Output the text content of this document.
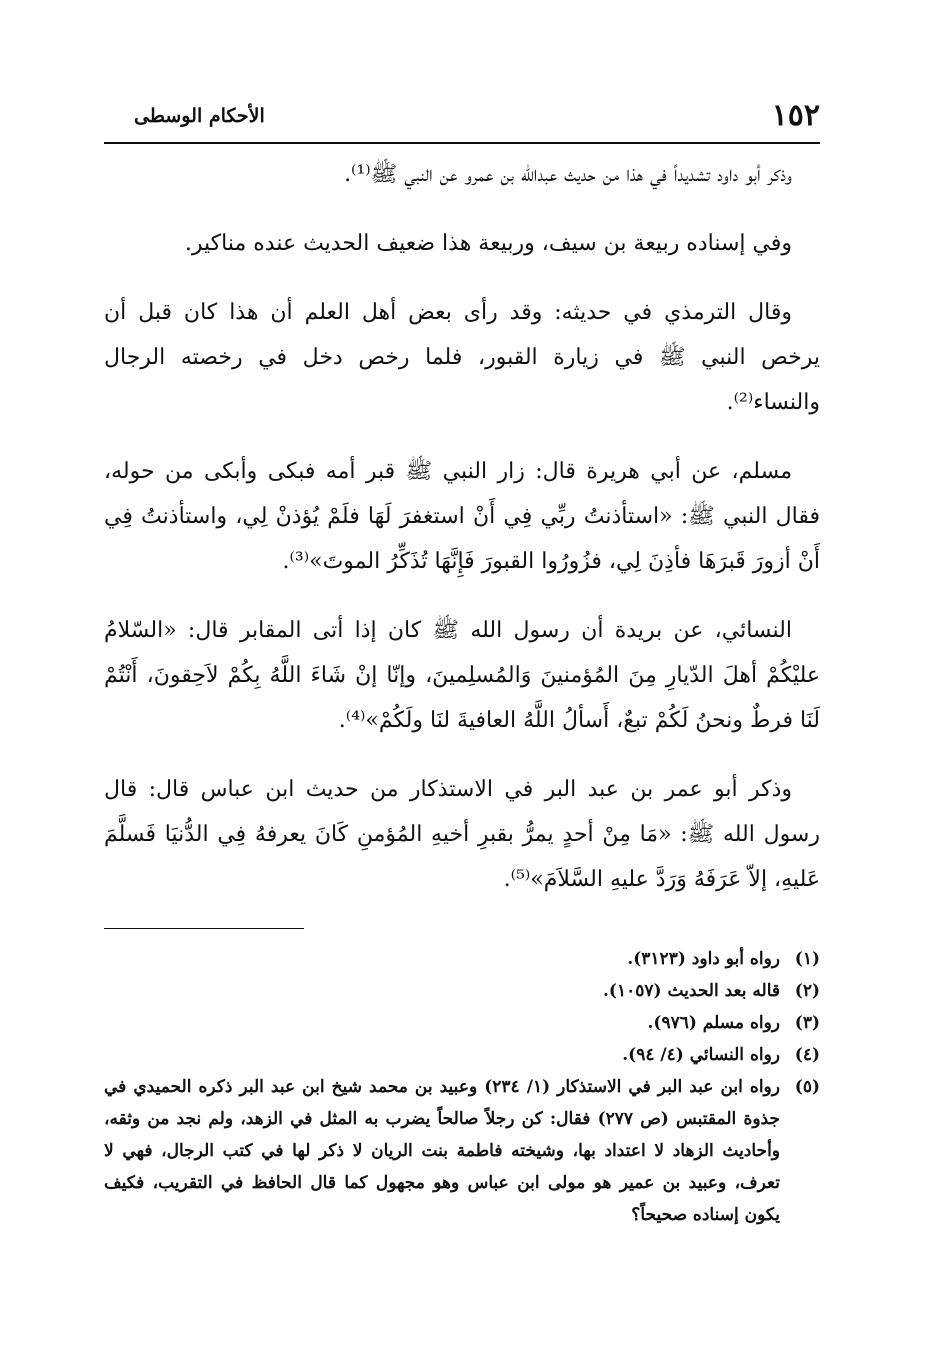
١٥٢
الأحكام الوسطى

وذكر أبو داود تشديداً في هذا من حديث عبدالله بن عمرو عن النبي ﷺ⁽¹⁾.

وفي إسناده ربيعة بن سيف، وربيعة هذا ضعيف الحديث عنده مناكير.

وقال الترمذي في حديثه: وقد رأى بعض أهل العلم أن هذا كان قبل أن يرخص النبي ﷺ في زيارة القبور، فلما رخص دخل في رخصته الرجال والنساء⁽²⁾.

مسلم، عن أبي هريرة قال: زار النبي ﷺ قبر أمه فبكى وأبكى من حوله، فقال النبي ﷺ: «استأذنتُ ربِّي فِي أَنْ استغفرَ لَهَا فلَمْ يُؤذنْ لِي، واستأذنتُ فِي أَنْ أزورَ قَبرَهَا فأذِنَ لِي، فزُورُوا القبورَ فَإِنَّهَا تُذَكِّرُ الموتَ»⁽³⁾.

النسائي، عن بريدة أن رسول الله ﷺ كان إذا أتى المقابر قال: «السّلامُ عليْكُمْ أهلَ الدّيارِ مِنَ المُؤمنينَ وَالمُسلِمينَ، وإنّا إنْ شَاءَ اللَّهُ بِكُمْ لاَحِقونَ، أَنْتُمْ لَنَا فرطٌ ونحنُ لَكُمْ تبعٌ، أَسألُ اللَّهُ العافيةَ لنَا ولَكُمْ»⁽⁴⁾.

وذكر أبو عمر بن عبد البر في الاستذكار من حديث ابن عباس قال: قال رسول الله ﷺ: «مَا مِنْ أحدٍ يمرُّ بقبرِ أخيهِ المُؤمنِ كَانَ يعرفهُ فِي الدُّنيَا فَسلَّمَ عَليهِ، إلاّ عَرَفَهُ وَرَدَّ عليهِ السَّلاَمَ»⁽⁵⁾.

(١)
رواه أبو داود (٣١٢٣).
(٢)
قاله بعد الحديث (١٠٥٧).
(٣)
رواه مسلم (٩٧٦).
(٤)
رواه النسائي (٤/ ٩٤).
(٥)
رواه ابن عبد البر في الاستذكار (١/ ٢٣٤) وعبيد بن محمد شيخ ابن عبد البر ذكره الحميدي في جذوة المقتبس (ص ٢٧٧) فقال: كن رجلاً صالحاً يضرب به المثل في الزهد، ولم نجد من وثقه، وأحاديث الزهاد لا اعتداد بها، وشيخته فاطمة بنت الريان لا ذكر لها في كتب الرجال، فهي لا تعرف، وعبيد بن عمير هو مولى ابن عباس وهو مجهول كما قال الحافظ في التقريب، فكيف يكون إسناده صحيحاً؟
